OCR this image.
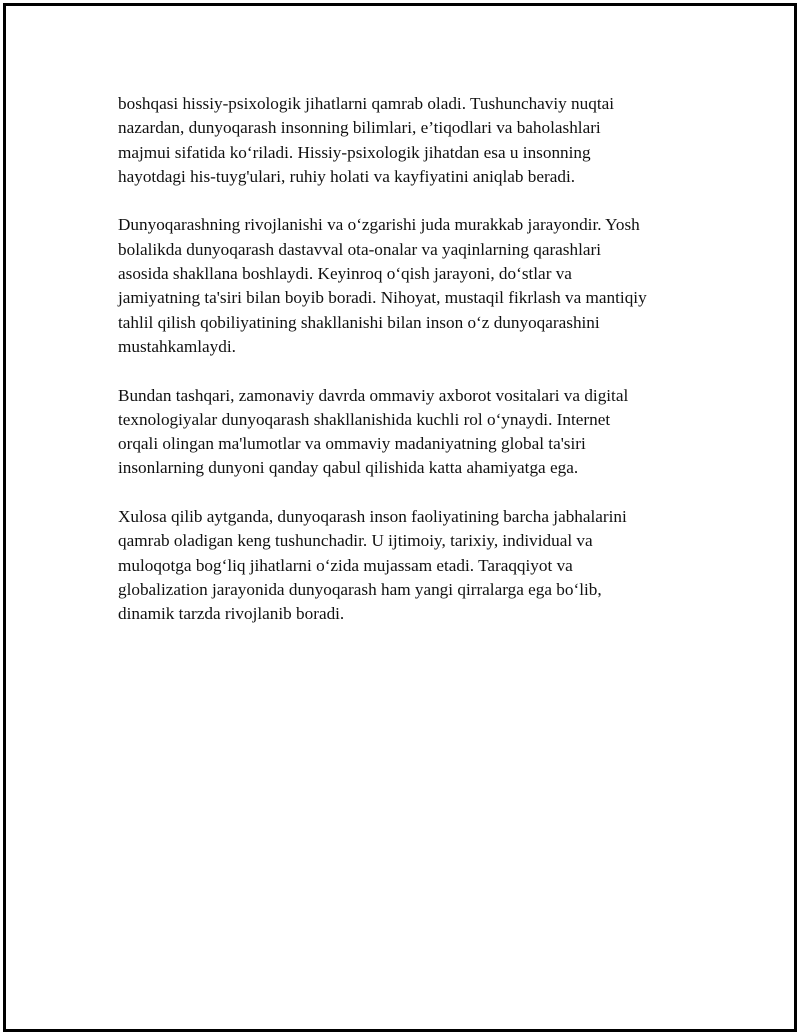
boshqasi hissiy-psixologik jihatlarni qamrab oladi. Tushunchaviy nuqtai
nazardan, dunyoqarash insonning bilimlari, e’tiqodlari va baholashlari
majmui sifatida ko‘riladi. Hissiy-psixologik jihatdan esa u insonning
hayotdagi his-tuyg'ulari, ruhiy holati va kayfiyatini aniqlab beradi.

Dunyoqarashning rivojlanishi va o‘zgarishi juda murakkab jarayondir. Yosh
bolalikda dunyoqarash dastavval ota-onalar va yaqinlarning qarashlari
asosida shakllana boshlaydi. Keyinroq o‘qish jarayoni, do‘stlar va
jamiyatning ta'siri bilan boyib boradi. Nihoyat, mustaqil fikrlash va mantiqiy
tahlil qilish qobiliyatining shakllanishi bilan inson o‘z dunyoqarashini
mustahkamlaydi.

Bundan tashqari, zamonaviy davrda ommaviy axborot vositalari va digital
texnologiyalar dunyoqarash shakllanishida kuchli rol o‘ynaydi. Internet
orqali olingan ma'lumotlar va ommaviy madaniyatning global ta'siri
insonlarning dunyoni qanday qabul qilishida katta ahamiyatga ega.

Xulosa qilib aytganda, dunyoqarash inson faoliyatining barcha jabhalarini
qamrab oladigan keng tushunchadir. U ijtimoiy, tarixiy, individual va
muloqotga bog‘liq jihatlarni o‘zida mujassam etadi. Taraqqiyot va
globalization jarayonida dunyoqarash ham yangi qirralarga ega bo‘lib,
dinamik tarzda rivojlanib boradi.
